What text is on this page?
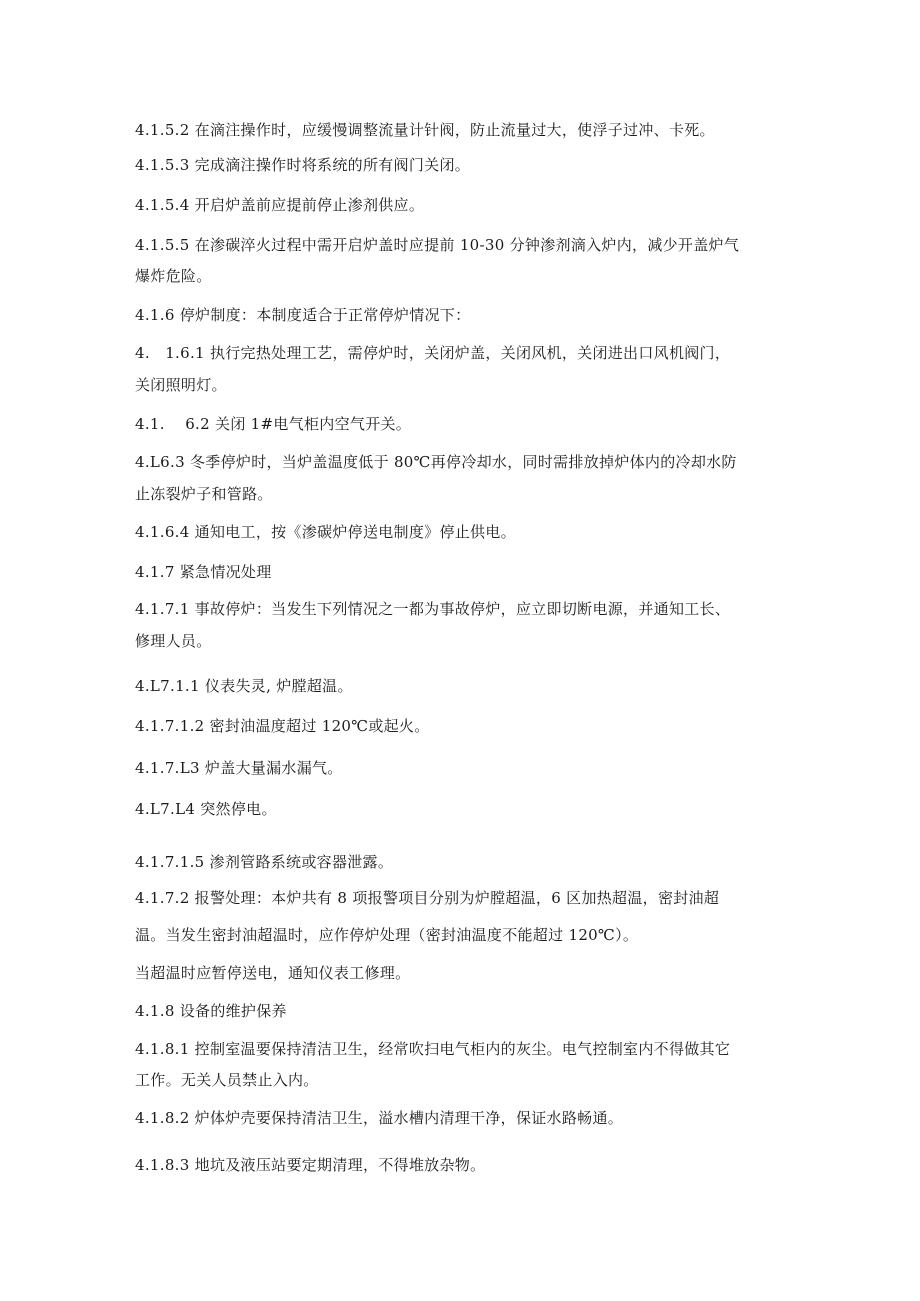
4.1.5.2 在滴注操作时，应缓慢调整流量计针阀，防止流量过大，使浮子过冲、卡死。
4.1.5.3 完成滴注操作时将系统的所有阀门关闭。
4.1.5.4 开启炉盖前应提前停止渗剂供应。
4.1.5.5 在渗碳淬火过程中需开启炉盖时应提前 10-30 分钟渗剂滴入炉内，减少开盖炉气
爆炸危险。
4.1.6 停炉制度：本制度适合于正常停炉情况下：
4.　1.6.1 执行完热处理工艺，需停炉时，关闭炉盖，关闭风机，关闭进出口风机阀门，
关闭照明灯。
4.1.　 6.2 关闭 1#电气柜内空气开关。
4.L6.3 冬季停炉时，当炉盖温度低于 80℃再停冷却水，同时需排放掉炉体内的冷却水防
止冻裂炉子和管路。
4.1.6.4 通知电工，按《渗碳炉停送电制度》停止供电。
4.1.7 紧急情况处理
4.1.7.1 事故停炉：当发生下列情况之一都为事故停炉，应立即切断电源，并通知工长、
修理人员。
4.L7.1.1 仪表失灵, 炉膛超温。
4.1.7.1.2 密封油温度超过 120℃或起火。
4.1.7.L3 炉盖大量漏水漏气。
4.L7.L4 突然停电。
4.1.7.1.5 渗剂管路系统或容器泄露。
4.1.7.2 报警处理：本炉共有 8 项报警项目分别为炉膛超温，6 区加热超温，密封油超
温。当发生密封油超温时，应作停炉处理（密封油温度不能超过 120℃）。
当超温时应暂停送电，通知仪表工修理。
4.1.8 设备的维护保养
4.1.8.1 控制室温要保持清洁卫生，经常吹扫电气柜内的灰尘。电气控制室内不得做其它
工作。无关人员禁止入内。
4.1.8.2 炉体炉壳要保持清洁卫生，溢水槽内清理干净，保证水路畅通。
4.1.8.3 地坑及液压站要定期清理，不得堆放杂物。
